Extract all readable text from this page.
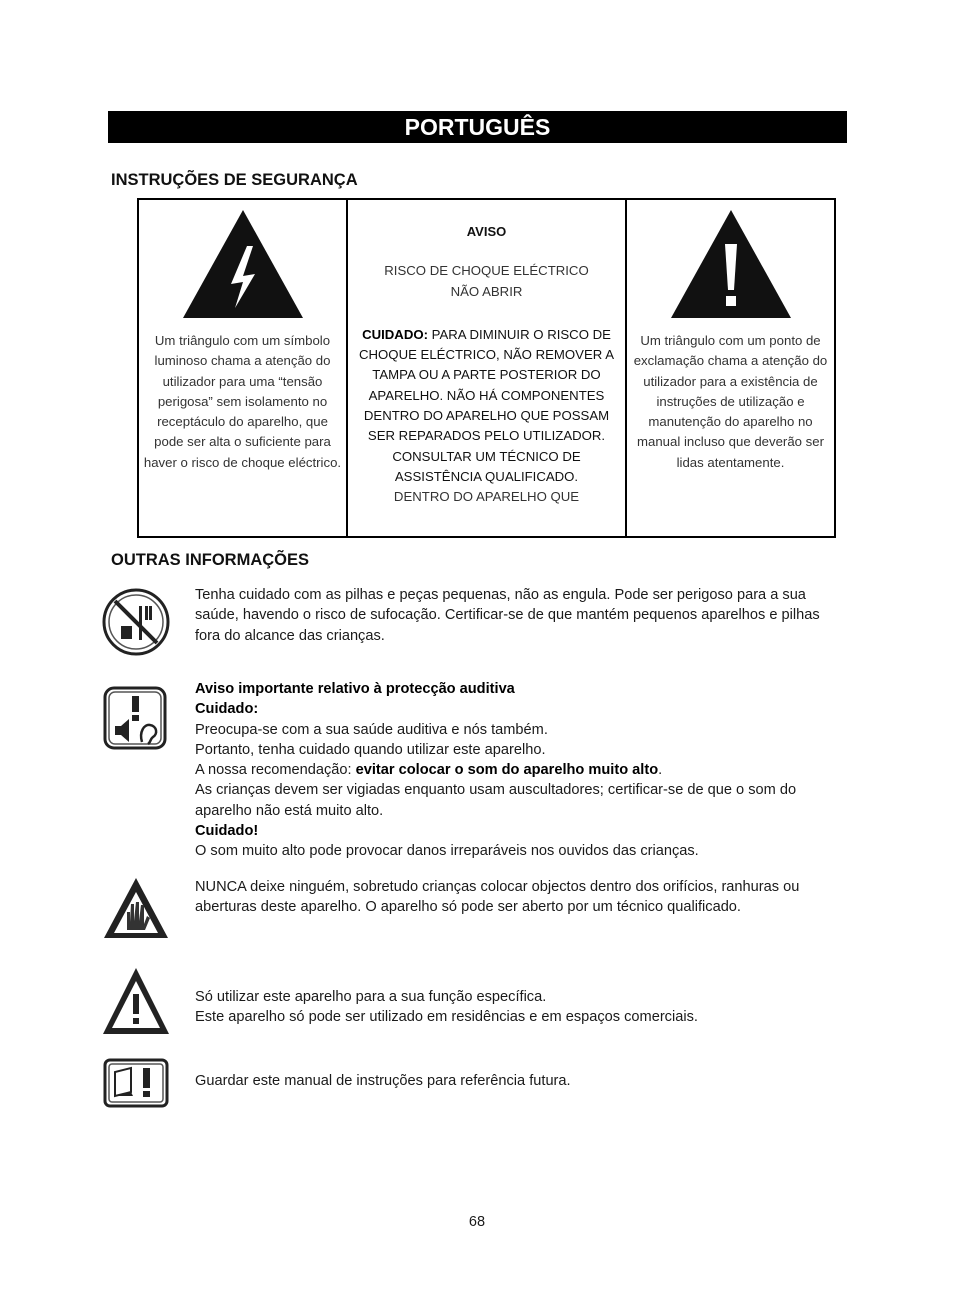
PORTUGUÊS
INSTRUÇÕES DE SEGURANÇA
Um triângulo com um símbolo luminoso chama a atenção do utilizador para uma “tensão perigosa” sem isolamento no receptáculo do aparelho, que pode ser alta o suficiente para haver o risco de choque eléctrico.

AVISO
RISCO DE CHOQUE ELÉCTRICO
NÃO ABRIR
CUIDADO: PARA DIMINUIR O RISCO DE CHOQUE ELÉCTRICO, NÃO REMOVER A TAMPA OU A PARTE POSTERIOR DO APARELHO. NÃO HÁ COMPONENTES DENTRO DO APARELHO QUE POSSAM SER REPARADOS PELO UTILIZADOR. CONSULTAR UM TÉCNICO DE ASSISTÊNCIA QUALIFICADO.
DENTRO DO APARELHO QUE

Um triângulo com um ponto de exclamação chama a atenção do utilizador para a existência de instruções de utilização e manutenção do aparelho no manual incluso que deverão ser lidas atentamente.
OUTRAS INFORMAÇÕES
Tenha cuidado com as pilhas e peças pequenas, não as engula. Pode ser perigoso para a sua saúde, havendo o risco de sufocação. Certificar-se de que mantém pequenos aparelhos e pilhas fora do alcance das crianças.

Aviso importante relativo à protecção auditiva

Cuidado:

Preocupa-se com a sua saúde auditiva e nós também.

Portanto, tenha cuidado quando utilizar este aparelho.

A nossa recomendação: evitar colocar o som do aparelho muito alto.

As crianças devem ser vigiadas enquanto usam auscultadores; certificar-se de que o som do aparelho não está muito alto.

Cuidado!

O som muito alto pode provocar danos irreparáveis nos ouvidos das crianças.

NUNCA deixe ninguém, sobretudo crianças colocar objectos dentro dos orifícios, ranhuras ou aberturas deste aparelho. O aparelho só pode ser aberto por um técnico qualificado.

Só utilizar este aparelho para a sua função específica.

Este aparelho só pode ser utilizado em residências e em espaços comerciais.

Guardar este manual de instruções para referência futura.
68
